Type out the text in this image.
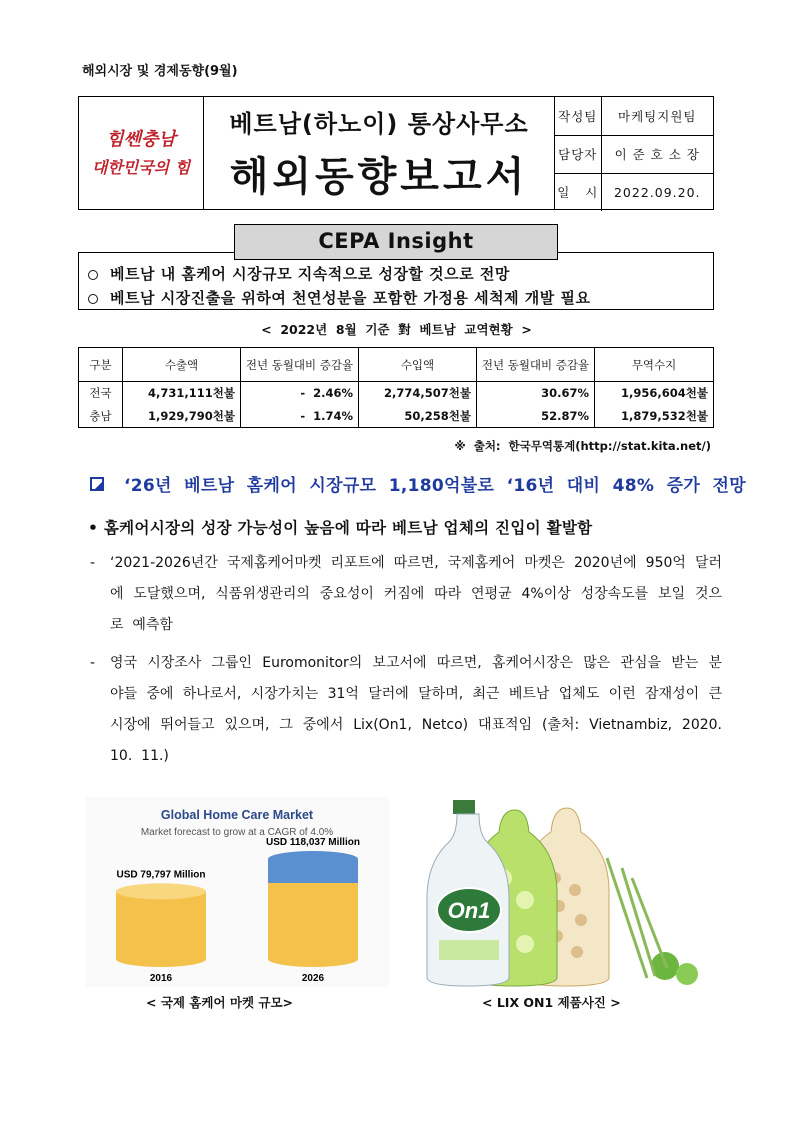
해외시장 및 경제동향(9월)
힘쎈충남
대한민국의 힘
베트남(하노이) 통상사무소
해외동향보고서
작성팀	마케팅지원팀
담당자	이 준 호 소 장
일   시	2022.09.20.
CEPA Insight
베트남 내 홈케어 시장규모 지속적으로 성장할 것으로 전망
베트남 시장진출을 위하여 천연성분을 포함한 가정용 세척제 개발 필요
<  2022년  8월  기준  對  베트남  교역현황  >
구분	수출액	전년 동월대비 증감율	수입액	전년 동월대비 증감율	무역수지
전국	4,731,111천불	-  2.46%	2,774,507천불	30.67%	1,956,604천불
충남	1,929,790천불	-  1.74%	50,258천불	52.87%	1,879,532천불
※  출처:  한국무역통계(http://stat.kita.net/)
‘26년  베트남  홈케어  시장규모  1,180억불로  ‘16년  대비  48%  증가  전망
• 홈케어시장의 성장 가능성이 높음에 따라 베트남 업체의 진입이 활발함
- ‘2021-2026년간  국제홈케어마켓  리포트에  따르면,  국제홈케어  마켓은  2020년에  950억  달러에  도달했으며,  식품위생관리의  중요성이  커짐에  따라  연평균  4%이상  성장속도를  보일  것으로  예측함
- 영국  시장조사  그룹인  Euromonitor의  보고서에  따르면,  홈케어시장은  많은  관심을  받는  분야들  중에  하나로서,  시장가치는  31억  달러에  달하며,  최근  베트남  업체도  이런  잠재성이  큰  시장에  뛰어들고  있으며,  그  중에서  Lix(On1,  Netco)  대표적임  (출처:  Vietnambiz,  2020.  10.  11.)
Global Home Care Market
Market forecast to grow at a CAGR of 4.0%
USD 79,797 Million
2016
USD 118,037 Million
2026
< 국제 홈케어 마켓 규모>
On1
< LIX ON1 제품사진 >
